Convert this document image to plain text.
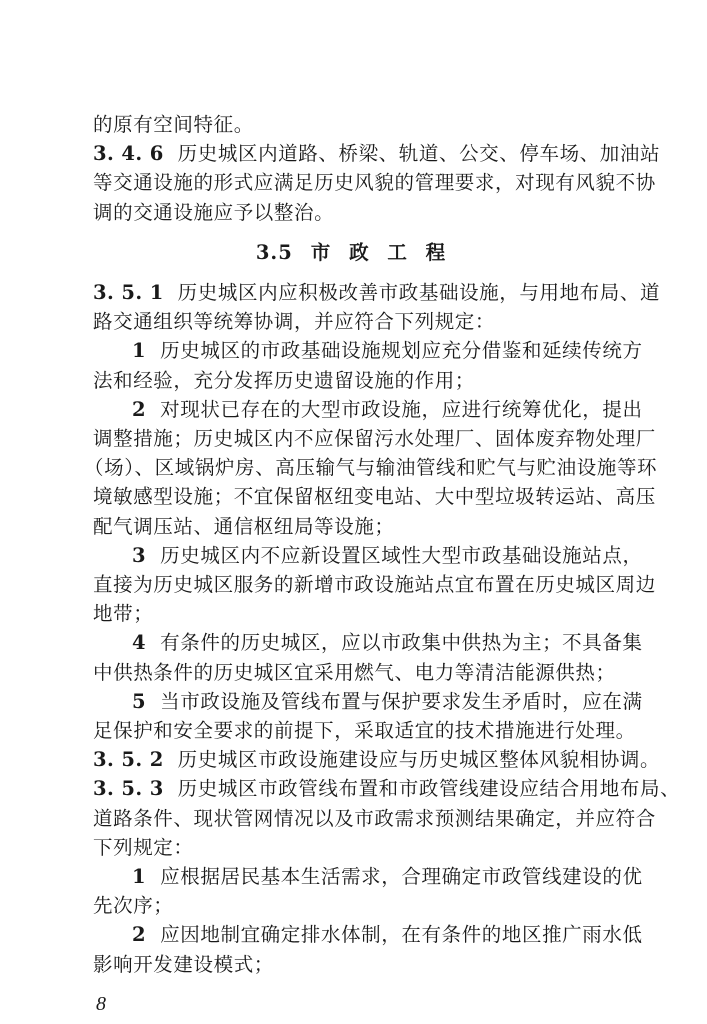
的原有空间特征。
3. 4. 6 历史城区内道路、桥梁、轨道、公交、停车场、加油站
等交通设施的形式应满足历史风貌的管理要求，对现有风貌不协
调的交通设施应予以整治。
3.5 市 政 工 程
3. 5. 1 历史城区内应积极改善市政基础设施，与用地布局、道
路交通组织等统筹协调，并应符合下列规定：
1 历史城区的市政基础设施规划应充分借鉴和延续传统方
法和经验，充分发挥历史遗留设施的作用；
2 对现状已存在的大型市政设施，应进行统筹优化，提出
调整措施；历史城区内不应保留污水处理厂、固体废弃物处理厂
（场）、区域锅炉房、高压输气与输油管线和贮气与贮油设施等环
境敏感型设施；不宜保留枢纽变电站、大中型垃圾转运站、高压
配气调压站、通信枢纽局等设施；
3 历史城区内不应新设置区域性大型市政基础设施站点，
直接为历史城区服务的新增市政设施站点宜布置在历史城区周边
地带；
4 有条件的历史城区，应以市政集中供热为主；不具备集
中供热条件的历史城区宜采用燃气、电力等清洁能源供热；
5 当市政设施及管线布置与保护要求发生矛盾时，应在满
足保护和安全要求的前提下，采取适宜的技术措施进行处理。
3. 5. 2 历史城区市政设施建设应与历史城区整体风貌相协调。
3. 5. 3 历史城区市政管线布置和市政管线建设应结合用地布局、
道路条件、现状管网情况以及市政需求预测结果确定，并应符合
下列规定：
1 应根据居民基本生活需求，合理确定市政管线建设的优
先次序；
2 应因地制宜确定排水体制，在有条件的地区推广雨水低
8
影响开发建设模式；
